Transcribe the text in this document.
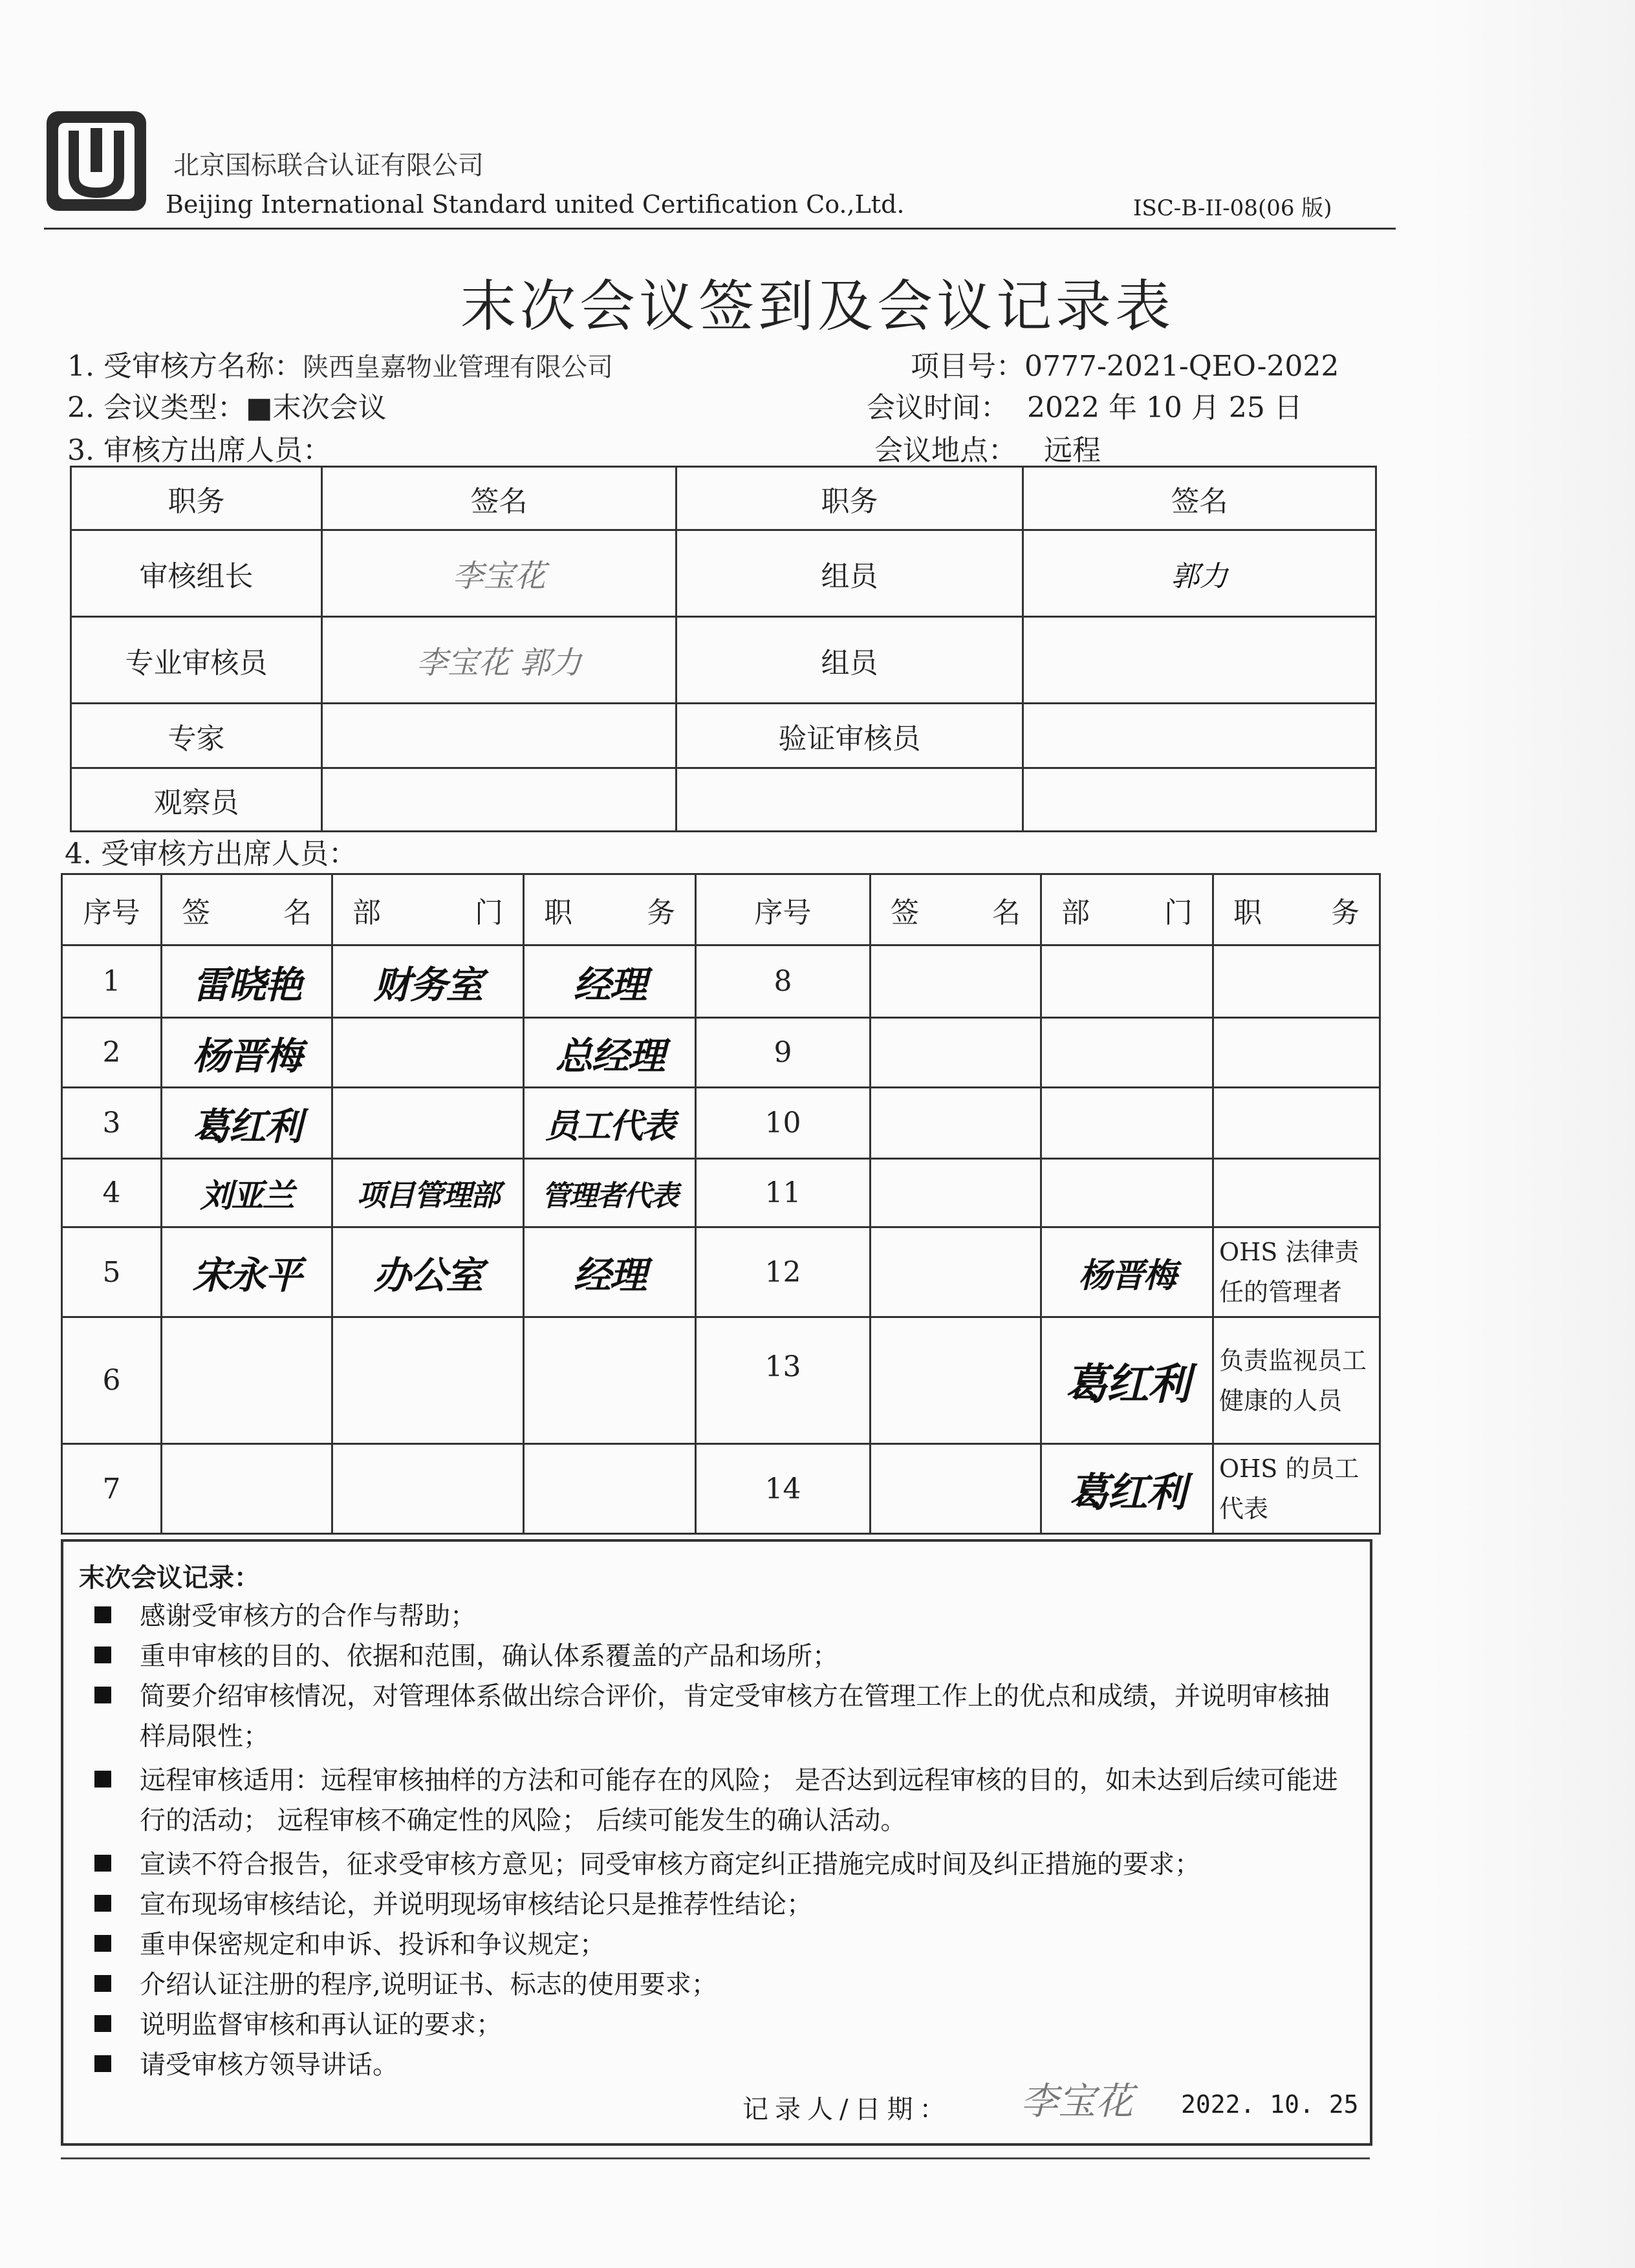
北京国标联合认证有限公司
Beijing International Standard united Certification Co.,Ltd.	ISC-B-II-08(06 版)
末次会议签到及会议记录表
1. 受审核方名称：陕西皇嘉物业管理有限公司	项目号：0777-2021-QEO-2022
2. 会议类型：■末次会议	会议时间： 2022 年 10 月 25 日
3. 审核方出席人员：	会议地点： 远程
职务	签名	职务	签名
审核组长	李宝花	组员	郭力
专业审核员	李宝花 郭力	组员	
专家		验证审核员	
观察员			
4. 受审核方出席人员：
序号	签 名	部 门	职 务	序号	签 名	部 门	职 务

1	雷晓艳	财务室	经理	8			
2	杨晋梅		总经理	9			
3	葛红利		员工代表	10			
4	刘亚兰	项目管理部	管理者代表	11			
5	宋永平	办公室	经理	12		杨晋梅	OHS 法律责任的管理者
6				13		葛红利	负责监视员工健康的人员
7				14		葛红利	OHS 的员工代表
末次会议记录：
感谢受审核方的合作与帮助；
重申审核的目的、依据和范围，确认体系覆盖的产品和场所；
简要介绍审核情况，对管理体系做出综合评价，肯定受审核方在管理工作上的优点和成绩，并说明审核抽样局限性；
远程审核适用：远程审核抽样的方法和可能存在的风险； 是否达到远程审核的目的，如未达到后续可能进行的活动； 远程审核不确定性的风险； 后续可能发生的确认活动。
宣读不符合报告，征求受审核方意见；同受审核方商定纠正措施完成时间及纠正措施的要求；
宣布现场审核结论，并说明现场审核结论只是推荐性结论；
重申保密规定和申诉、投诉和争议规定；
介绍认证注册的程序,说明证书、标志的使用要求；
说明监督审核和再认证的要求；
请受审核方领导讲话。
记录人/日期： 李宝花 2022. 10. 25
